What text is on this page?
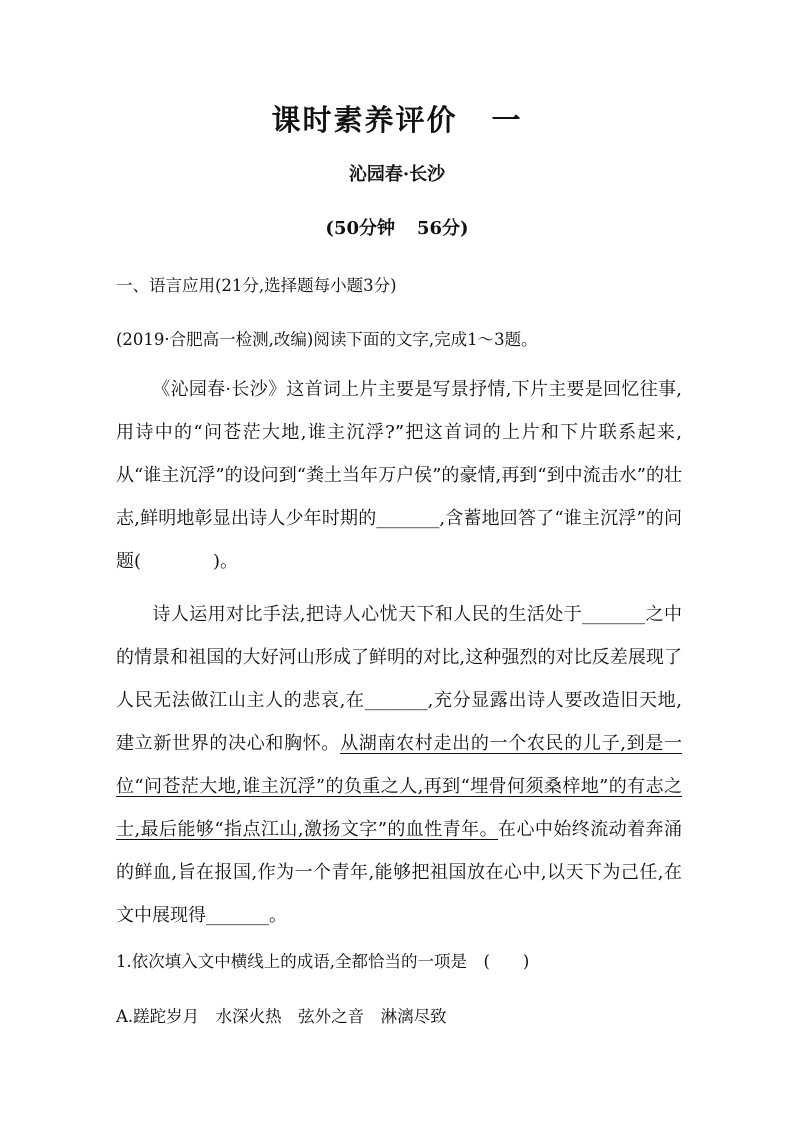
课时素养评价 一
沁园春·长沙
(50分钟 56分)
一、语言应用(21分,选择题每小题3分)
(2019·合肥高一检测,改编)阅读下面的文字,完成1～3题。

《沁园春·长沙》这首词上片主要是写景抒情,下片主要是回忆往事,用诗中的“问苍茫大地,谁主沉浮?”把这首词的上片和下片联系起来,从“谁主沉浮”的设问到“粪土当年万户侯”的豪情,再到“到中流击水”的壮志,鲜明地彰显出诗人少年时期的_______,含蓄地回答了“谁主沉浮”的问题(　　　　)。

诗人运用对比手法,把诗人心忧天下和人民的生活处于_______之中的情景和祖国的大好河山形成了鲜明的对比,这种强烈的对比反差展现了人民无法做江山主人的悲哀,在_______,充分显露出诗人要改造旧天地,建立新世界的决心和胸怀。从湖南农村走出的一个农民的儿子,到是一位“问苍茫大地,谁主沉浮”的负重之人,再到“埋骨何须桑梓地”的有志之士,最后能够“指点江山,激扬文字”的血性青年。在心中始终流动着奔涌的鲜血,旨在报国,作为一个青年,能够把祖国放在心中,以天下为己任,在文中展现得_______。

1.依次填入文中横线上的成语,全都恰当的一项是　(　　)
A.蹉跎岁月　水深火热　弦外之音　淋漓尽致
